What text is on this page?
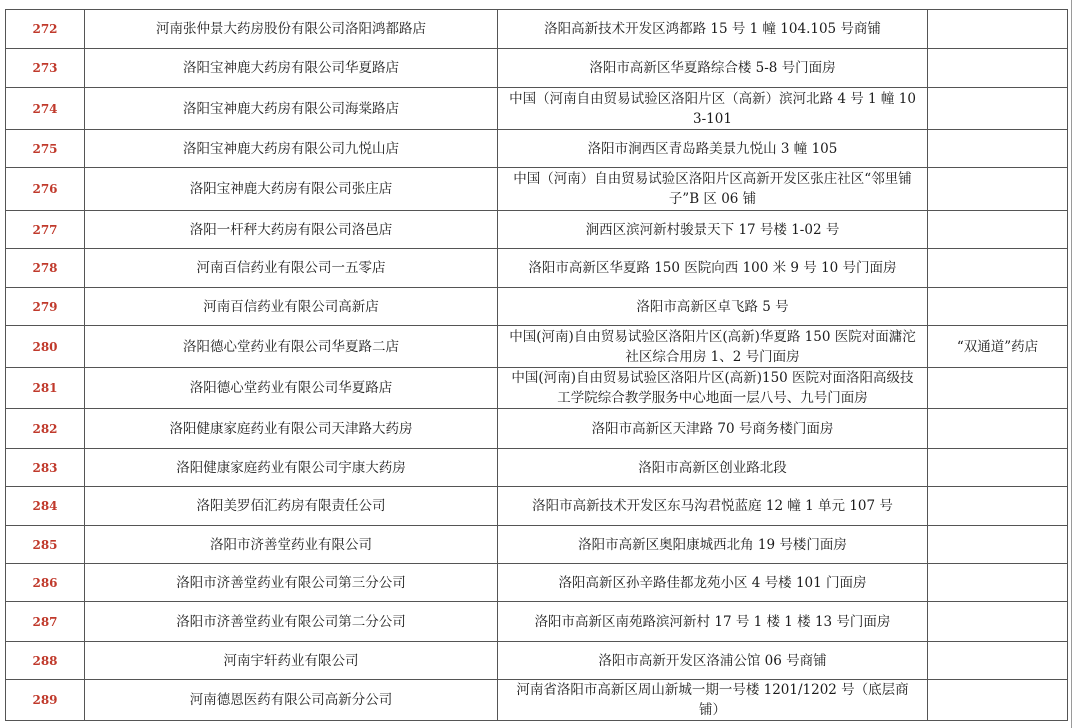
272	河南张仲景大药房股份有限公司洛阳鸿都路店	洛阳高新技术开发区鸿都路 15 号 1 幢 104.105 号商铺	
273	洛阳宝神鹿大药房有限公司华夏路店	洛阳市高新区华夏路综合楼 5-8 号门面房	
274	洛阳宝神鹿大药房有限公司海棠路店	中国（河南自由贸易试验区洛阳片区（高新）滨河北路 4 号 1 幢 103-101	
275	洛阳宝神鹿大药房有限公司九悦山店	洛阳市涧西区青岛路美景九悦山 3 幢 105	
276	洛阳宝神鹿大药房有限公司张庄店	中国（河南）自由贸易试验区洛阳片区高新开发区张庄社区“邻里铺子”B 区 06 铺	
277	洛阳一杆秤大药房有限公司洛邑店	涧西区滨河新村骏景天下 17 号楼 1-02 号	
278	河南百信药业有限公司一五零店	洛阳市高新区华夏路 150 医院向西 100 米 9 号 10 号门面房	
279	河南百信药业有限公司高新店	洛阳市高新区卓飞路 5 号	
280	洛阳德心堂药业有限公司华夏路二店	中国(河南)自由贸易试验区洛阳片区(高新)华夏路 150 医院对面滽沱社区综合用房 1、2 号门面房	“双通道”药店
281	洛阳德心堂药业有限公司华夏路店	中国(河南)自由贸易试验区洛阳片区(高新)150 医院对面洛阳高级技工学院综合教学服务中心地面一层八号、九号门面房	
282	洛阳健康家庭药业有限公司天津路大药房	洛阳市高新区天津路 70 号商务楼门面房	
283	洛阳健康家庭药业有限公司宇康大药房	洛阳市高新区创业路北段	
284	洛阳美罗佰汇药房有限责任公司	洛阳市高新技术开发区东马沟君悦蓝庭 12 幢 1 单元 107 号	
285	洛阳市济善堂药业有限公司	洛阳市高新区奥阳康城西北角 19 号楼门面房	
286	洛阳市济善堂药业有限公司第三分公司	洛阳高新区孙辛路佳都龙苑小区 4 号楼 101 门面房	
287	洛阳市济善堂药业有限公司第二分公司	洛阳市高新区南苑路滨河新村 17 号 1 楼 1 楼 13 号门面房	
288	河南宇轩药业有限公司	洛阳市高新开发区洛浦公馆 06 号商铺	
289	河南德恩医药有限公司高新分公司	河南省洛阳市高新区周山新城一期一号楼 1201/1202 号（底层商铺）	
